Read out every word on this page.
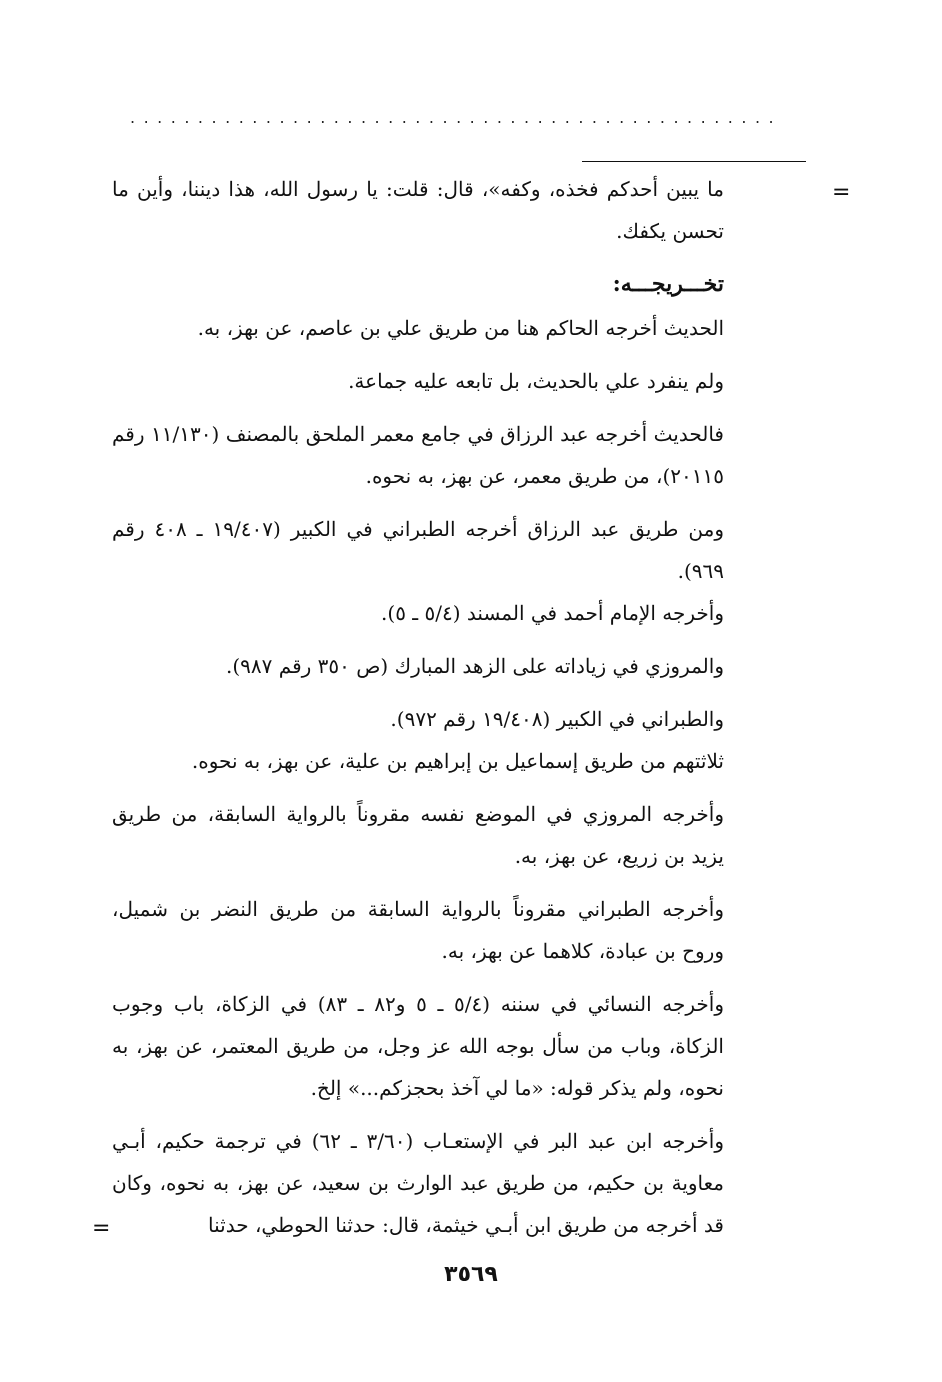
................................................
=
=

ما يبين أحدكم فخذه، وكفه»، قال: قلت: يا رسول الله، هذا ديننا، وأين ما تحسن يكفك.

تخـــريجـــه:

الحديث أخرجه الحاكم هنا من طريق علي بن عاصم، عن بهز، به.

ولم ينفرد علي بالحديث، بل تابعه عليه جماعة.

فالحديث أخرجه عبد الرزاق في جامع معمر الملحق بالمصنف (١١/١٣٠ رقم ٢٠١١٥)، من طريق معمر، عن بهز، به نحوه.

ومن طريق عبد الرزاق أخرجه الطبراني في الكبير (١٩/٤٠٧ ـ ٤٠٨ رقم ٩٦٩).

وأخرجه الإمام أحمد في المسند (٥/٤ ـ ٥).

والمروزي في زياداته على الزهد المبارك (ص ٣٥٠ رقم ٩٨٧).

والطبراني في الكبير (١٩/٤٠٨ رقم ٩٧٢).

ثلاثتهم من طريق إسماعيل بن إبراهيم بن علية، عن بهز، به نحوه.

وأخرجه المروزي في الموضع نفسه مقروناً بالرواية السابقة، من طريق يزيد بن زريع، عن بهز، به.

وأخرجه الطبراني مقروناً بالرواية السابقة من طريق النضر بن شميل، وروح بن عبادة، كلاهما عن بهز، به.

وأخرجه النسائي في سننه (٥/٤ ـ ٥ و٨٢ ـ ٨٣) في الزكاة، باب وجوب الزكاة، وباب من سأل بوجه الله عز وجل، من طريق المعتمر، عن بهز، به نحوه، ولم يذكر قوله: «ما لي آخذ بحجزكم...» إلخ.

وأخرجه ابن عبد البر في الإستعـاب (٣/٦٠ ـ ٦٢) في ترجمة حكيم، أبـي معاوية بن حكيم، من طريق عبد الوارث بن سعيد، عن بهز، به نحوه، وكان قد أخرجه من طريق ابن أبـي خيثمة، قال: حدثنا الحوطي، حدثنا

٣٥٦٩
